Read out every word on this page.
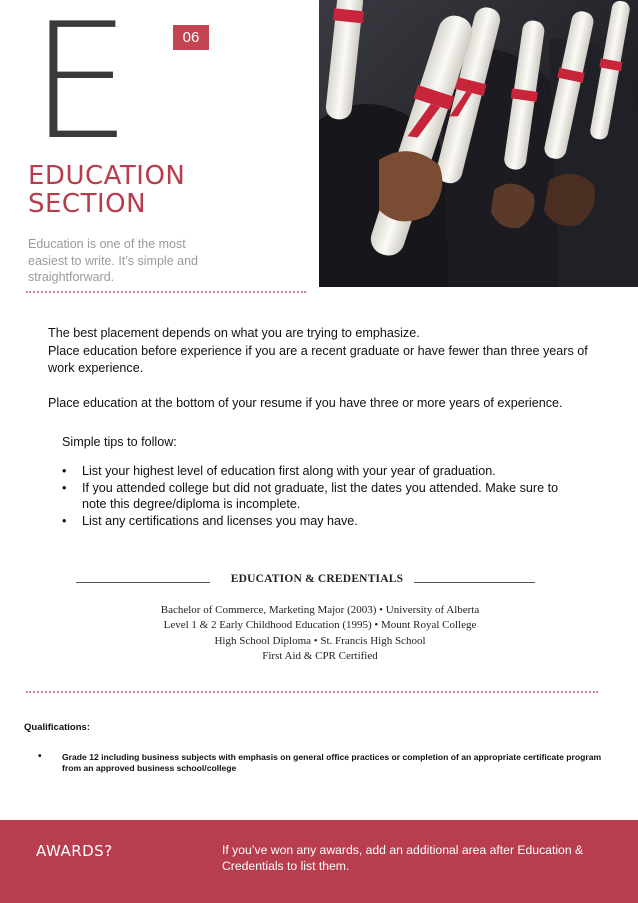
E	06
EDUCATION
SECTION
Education is one of the most easiest to write. It’s simple and straightforward.

The best placement depends on what you are trying to emphasize.

Place education before experience if you are a recent graduate or have fewer than three years of work experience.

Place education at the bottom of your resume if you have three or more years of experience.

Simple tips to follow:
• List your highest level of education first along with your year of graduation.
• If you attended college but did not graduate, list the dates you attended. Make sure to note this degree/diploma is incomplete.
• List any certifications and licenses you may have.
EDUCATION & CREDENTIALS
Bachelor of Commerce, Marketing Major (2003) • University of Alberta
Level 1 & 2 Early Childhood Education (1995) • Mount Royal College
High School Diploma • St. Francis High School
First Aid & CPR Certified
Qualifications:
• Grade 12 including business subjects with emphasis on general office practices or completion of an appropriate certificate program from an approved business school/college
AWARDS?	If you’ve won any awards, add an additional area after Education & Credentials to list them.
